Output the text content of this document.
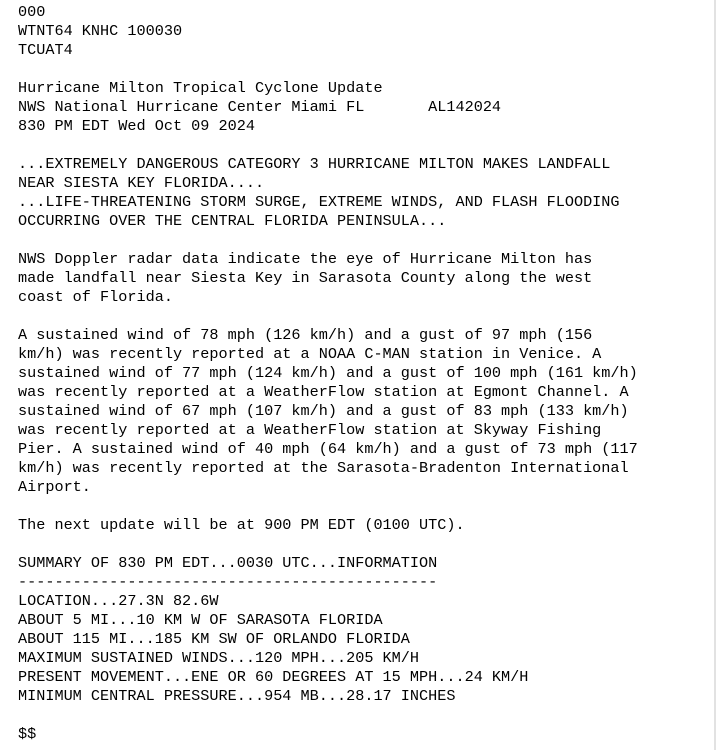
000
WTNT64 KNHC 100030
TCUAT4
Hurricane Milton Tropical Cyclone Update
NWS National Hurricane Center Miami FL       AL142024
830 PM EDT Wed Oct 09 2024
...EXTREMELY DANGEROUS CATEGORY 3 HURRICANE MILTON MAKES LANDFALL
NEAR SIESTA KEY FLORIDA....
...LIFE-THREATENING STORM SURGE, EXTREME WINDS, AND FLASH FLOODING
OCCURRING OVER THE CENTRAL FLORIDA PENINSULA...
NWS Doppler radar data indicate the eye of Hurricane Milton has
made landfall near Siesta Key in Sarasota County along the west
coast of Florida.
A sustained wind of 78 mph (126 km/h) and a gust of 97 mph (156
km/h) was recently reported at a NOAA C-MAN station in Venice. A
sustained wind of 77 mph (124 km/h) and a gust of 100 mph (161 km/h)
was recently reported at a WeatherFlow station at Egmont Channel. A
sustained wind of 67 mph (107 km/h) and a gust of 83 mph (133 km/h)
was recently reported at a WeatherFlow station at Skyway Fishing
Pier. A sustained wind of 40 mph (64 km/h) and a gust of 73 mph (117
km/h) was recently reported at the Sarasota-Bradenton International
Airport.
The next update will be at 900 PM EDT (0100 UTC).
SUMMARY OF 830 PM EDT...0030 UTC...INFORMATION
----------------------------------------------
LOCATION...27.3N 82.6W
ABOUT 5 MI...10 KM W OF SARASOTA FLORIDA
ABOUT 115 MI...185 KM SW OF ORLANDO FLORIDA
MAXIMUM SUSTAINED WINDS...120 MPH...205 KM/H
PRESENT MOVEMENT...ENE OR 60 DEGREES AT 15 MPH...24 KM/H
MINIMUM CENTRAL PRESSURE...954 MB...28.17 INCHES
$$
